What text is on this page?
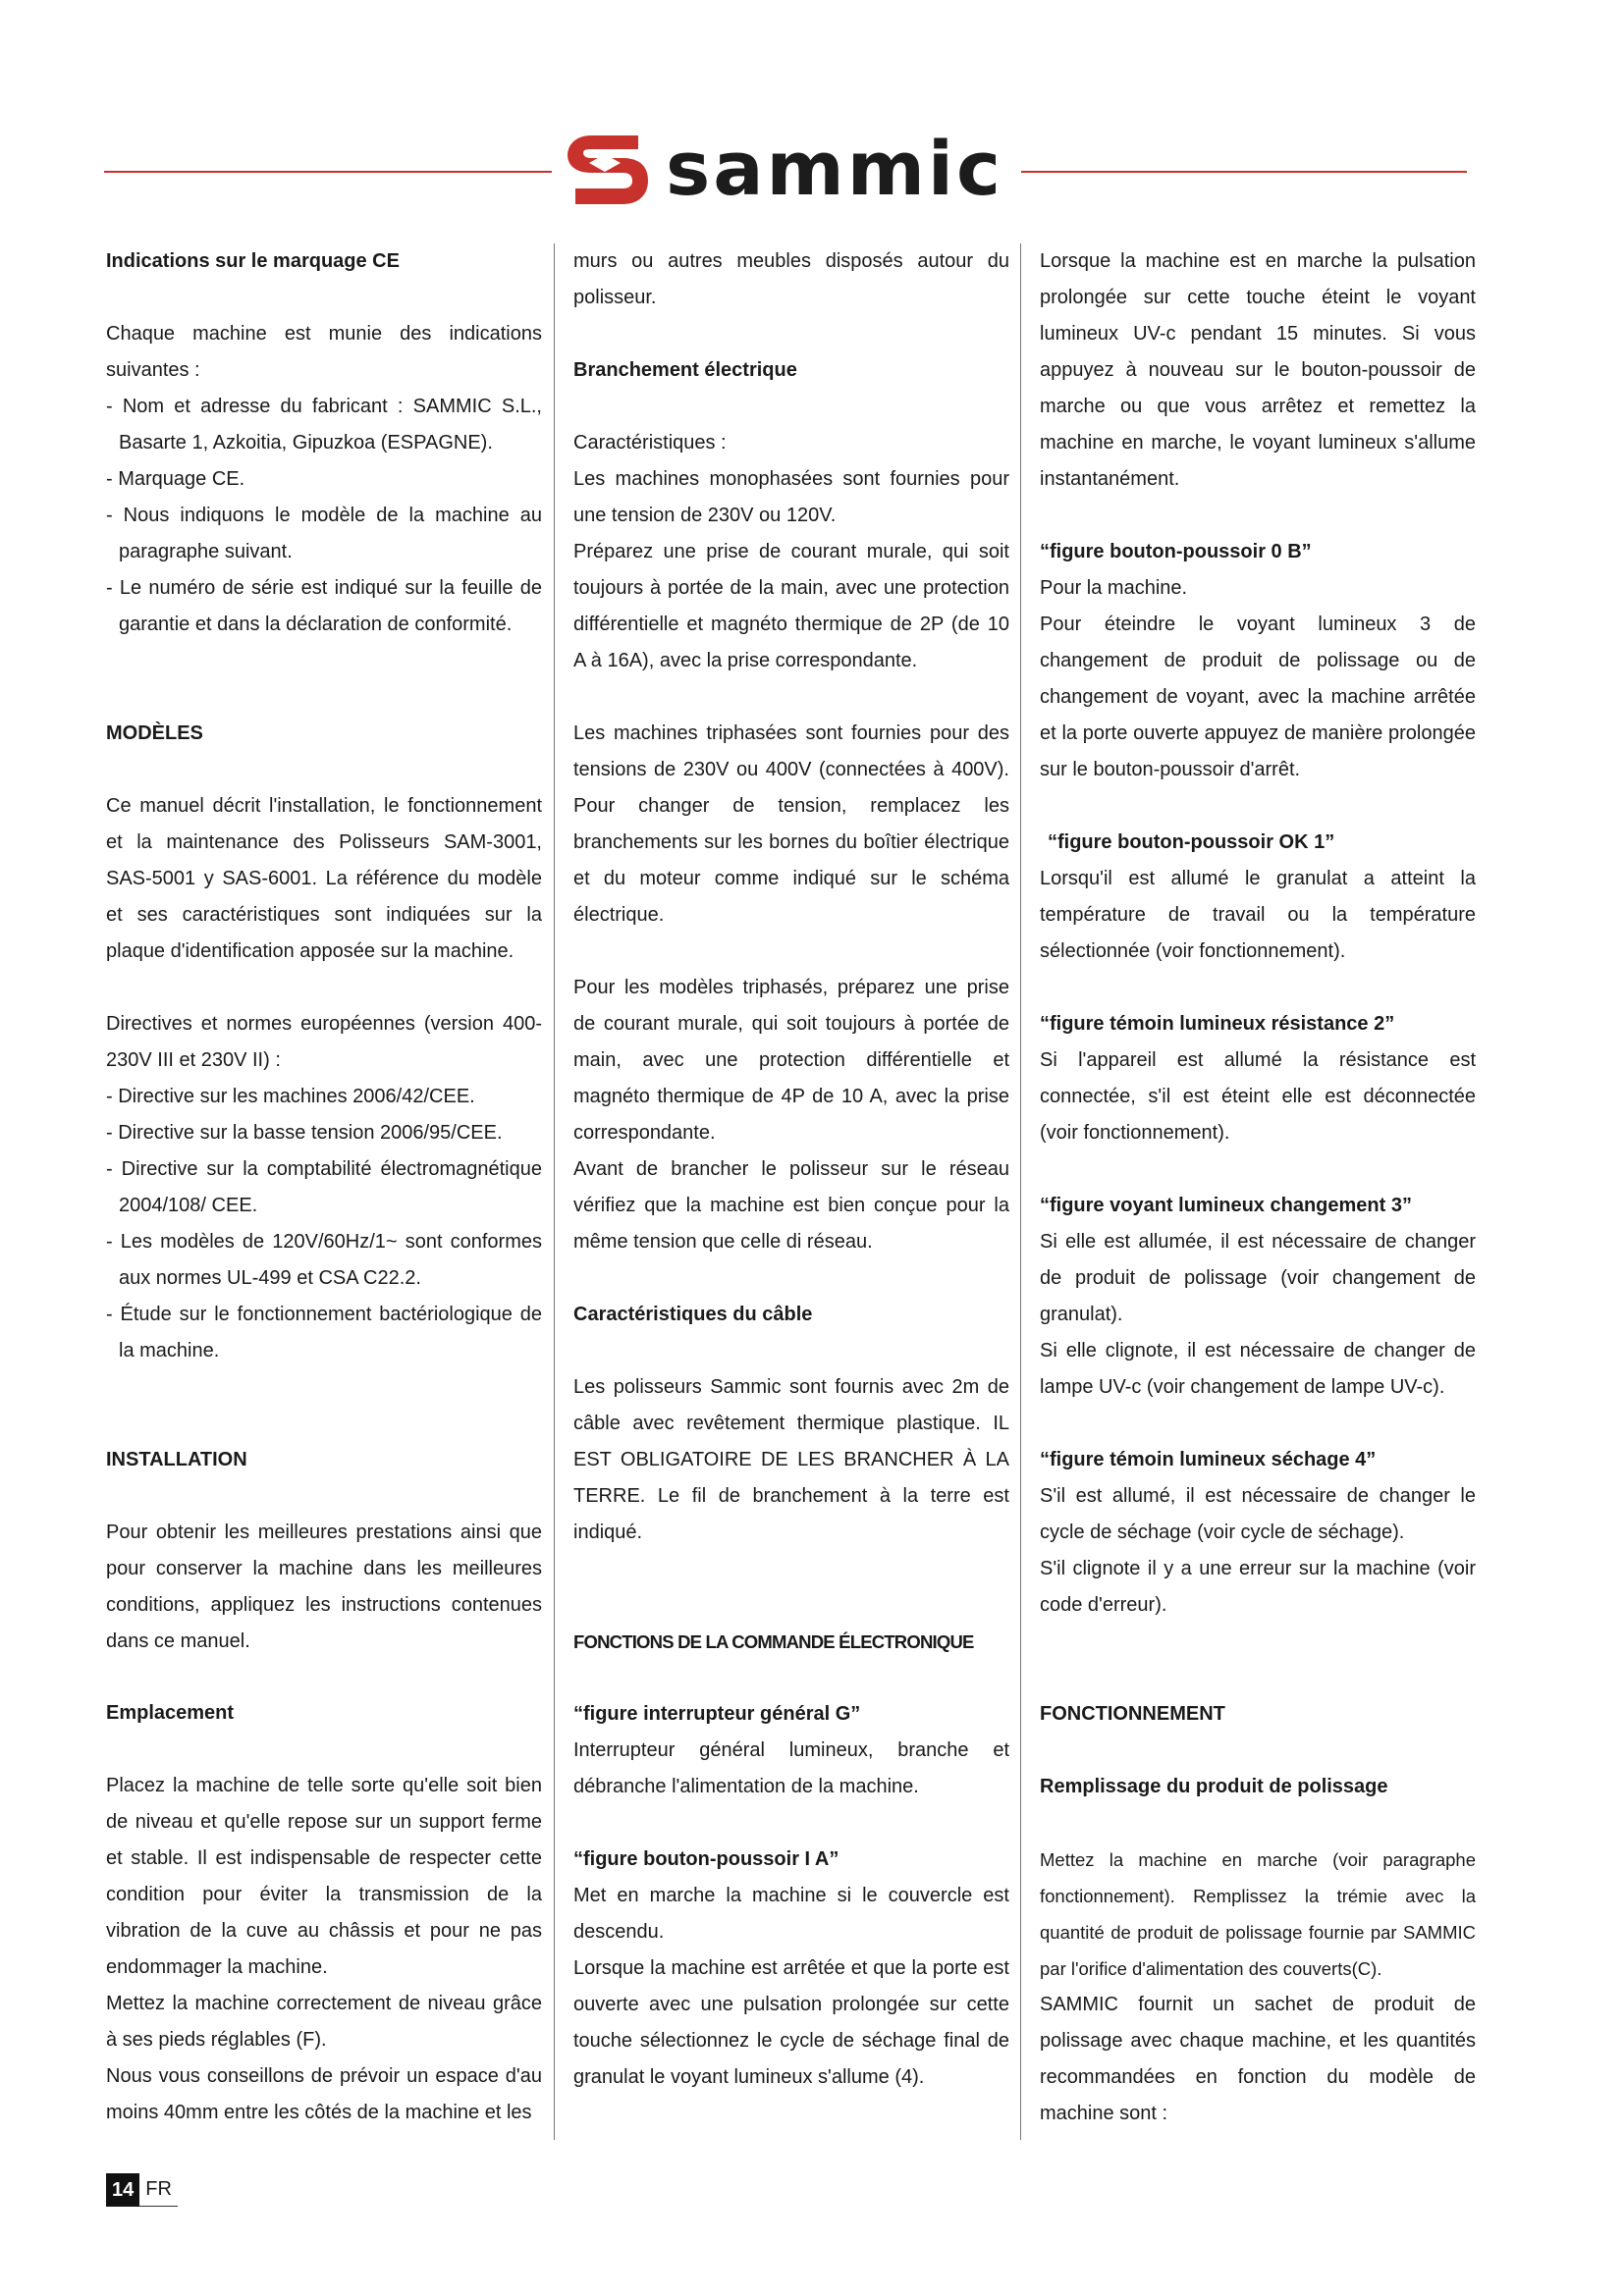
sammic

Indications sur le marquage CE

Chaque machine est munie des indications suivantes :

- Nom et adresse du fabricant : SAMMIC S.L., Basarte 1, Azkoitia, Gipuzkoa (ESPAGNE).

- Marquage CE.

- Nous indiquons le modèle de la machine au paragraphe suivant.

- Le numéro de série est indiqué sur la feuille de garantie et dans la déclaration de conformité.

MODÈLES

Ce manuel décrit l'installation, le fonctionnement et la maintenance des Polisseurs SAM-3001, SAS-5001 y SAS-6001. La référence du modèle et ses caractéristiques sont indiquées sur la plaque d'identification apposée sur la machine.

Directives et normes européennes (version 400-230V III et 230V II) :

- Directive sur les machines 2006/42/CEE.

- Directive sur la basse tension 2006/95/CEE.

- Directive sur la comptabilité électromagnétique 2004/108/ CEE.

- Les modèles de 120V/60Hz/1~ sont conformes aux normes UL-499 et CSA C22.2.

- Étude sur le fonctionnement bactériologique de la machine.

INSTALLATION

Pour obtenir les meilleures prestations ainsi que pour conserver la machine dans les meilleures conditions, appliquez les instructions contenues dans ce manuel.

Emplacement

Placez la machine de telle sorte qu'elle soit bien de niveau et qu'elle repose sur un support ferme et stable. Il est indispensable de respecter cette condition pour éviter la transmission de la vibration de la cuve au châssis et pour ne pas endommager la machine.

Mettez la machine correctement de niveau grâce à ses pieds réglables (F).

Nous vous conseillons de prévoir un espace d'au moins 40mm entre les côtés de la machine et les

murs ou autres meubles disposés autour du polisseur.

Branchement électrique

Caractéristiques :

Les machines monophasées sont fournies pour une tension de 230V ou 120V.

Préparez une prise de courant murale, qui soit toujours à portée de la main, avec une protection différentielle et magnéto thermique de 2P (de 10 A à 16A), avec la prise correspondante.

Les machines triphasées sont fournies pour des tensions de 230V ou 400V (connectées à 400V). Pour changer de tension, remplacez les branchements sur les bornes du boîtier électrique et du moteur comme indiqué sur le schéma électrique.

Pour les modèles triphasés, préparez une prise de courant murale, qui soit toujours à portée de main, avec une protection différentielle et magnéto thermique de 4P de 10 A, avec la prise correspondante.

Avant de brancher le polisseur sur le réseau vérifiez que la machine est bien conçue pour la même tension que celle di réseau.

Caractéristiques du câble

Les polisseurs Sammic sont fournis avec 2m de câble avec revêtement thermique plastique. IL EST OBLIGATOIRE DE LES BRANCHER À LA TERRE. Le fil de branchement à la terre est indiqué.

FONCTIONS DE LA COMMANDE ÉLECTRONIQUE

“figure interrupteur général G”

Interrupteur général lumineux, branche et débranche l'alimentation de la machine.

“figure bouton-poussoir I A”

Met en marche la machine si le couvercle est descendu.

Lorsque la machine est arrêtée et que la porte est ouverte avec une pulsation prolongée sur cette touche sélectionnez le cycle de séchage final de granulat le voyant lumineux s'allume (4).

Lorsque la machine est en marche la pulsation prolongée sur cette touche éteint le voyant lumineux UV-c pendant 15 minutes. Si vous appuyez à nouveau sur le bouton-poussoir de marche ou que vous arrêtez et remettez la machine en marche, le voyant lumineux s'allume instantanément.

“figure bouton-poussoir 0 B”

Pour la machine.

Pour éteindre le voyant lumineux 3 de changement de produit de polissage ou de changement de voyant, avec la machine arrêtée et la porte ouverte appuyez de manière prolongée sur le bouton-poussoir d'arrêt.

“figure bouton-poussoir OK 1”

Lorsqu'il est allumé le granulat a atteint la température de travail ou la température sélectionnée (voir fonctionnement).

“figure témoin lumineux résistance 2”

Si l'appareil est allumé la résistance est connectée, s'il est éteint elle est déconnectée (voir fonctionnement).

“figure voyant lumineux changement 3”

Si elle est allumée, il est nécessaire de changer de produit de polissage (voir changement de granulat).

Si elle clignote, il est nécessaire de changer de lampe UV-c (voir changement de lampe UV-c).

“figure témoin lumineux séchage 4”

S'il est allumé, il est nécessaire de changer le cycle de séchage (voir cycle de séchage).

S'il clignote il y a une erreur sur la machine (voir code d'erreur).

FONCTIONNEMENT

Remplissage du produit de polissage

Mettez la machine en marche (voir paragraphe fonctionnement). Remplissez la trémie avec la quantité de produit de polissage fournie par SAMMIC par l'orifice d'alimentation des couverts(C).

SAMMIC fournit un sachet de produit de polissage avec chaque machine, et les quantités recommandées en fonction du modèle de machine sont :

14 FR
